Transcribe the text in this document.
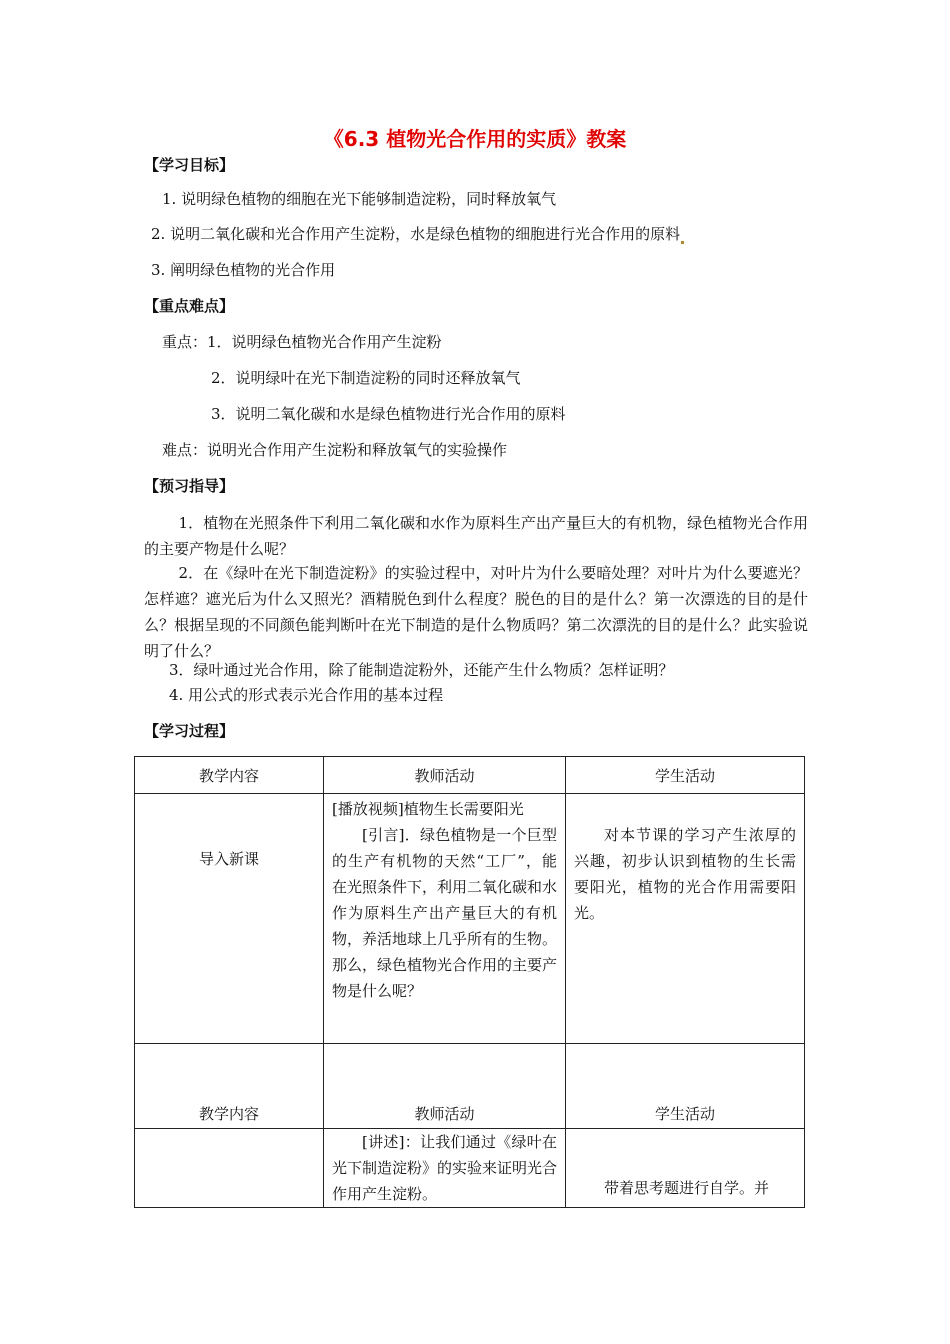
《6.3 植物光合作用的实质》教案
【学习目标】
1. 说明绿色植物的细胞在光下能够制造淀粉，同时释放氧气
2. 说明二氧化碳和光合作用产生淀粉，水是绿色植物的细胞进行光合作用的原料
3. 阐明绿色植物的光合作用
【重点难点】
重点：1．说明绿色植物光合作用产生淀粉
2．说明绿叶在光下制造淀粉的同时还释放氧气
3．说明二氧化碳和水是绿色植物进行光合作用的原料
难点：说明光合作用产生淀粉和释放氧气的实验操作
【预习指导】
1．植物在光照条件下利用二氧化碳和水作为原料生产出产量巨大的有机物，绿色植物光合作用的主要产物是什么呢？
2．在《绿叶在光下制造淀粉》的实验过程中，对叶片为什么要暗处理？对叶片为什么要遮光？怎样遮？遮光后为什么又照光？酒精脱色到什么程度？脱色的目的是什么？第一次漂选的目的是什么？根据呈现的不同颜色能判断叶在光下制造的是什么物质吗？第二次漂洗的目的是什么？此实验说明了什么？
3．绿叶通过光合作用，除了能制造淀粉外，还能产生什么物质？怎样证明？
4. 用公式的形式表示光合作用的基本过程
【学习过程】
教学内容	教师活动	学生活动

导入新课	[播放视频]植物生长需要阳光
[引言]．绿色植物是一个巨型的生产有机物的天然“工厂”，能在光照条件下，利用二氧化碳和水作为原料生产出产量巨大的有机物，养活地球上几乎所有的生物。那么，绿色植物光合作用的主要产物是什么呢？	对本节课的学习产生浓厚的兴趣，初步认识到植物的生长需要阳光，植物的光合作用需要阳光。

教学内容	教师活动	学生活动

	[讲述]：让我们通过《绿叶在光下制造淀粉》的实验来证明光合作用产生淀粉。	带着思考题进行自学。并
